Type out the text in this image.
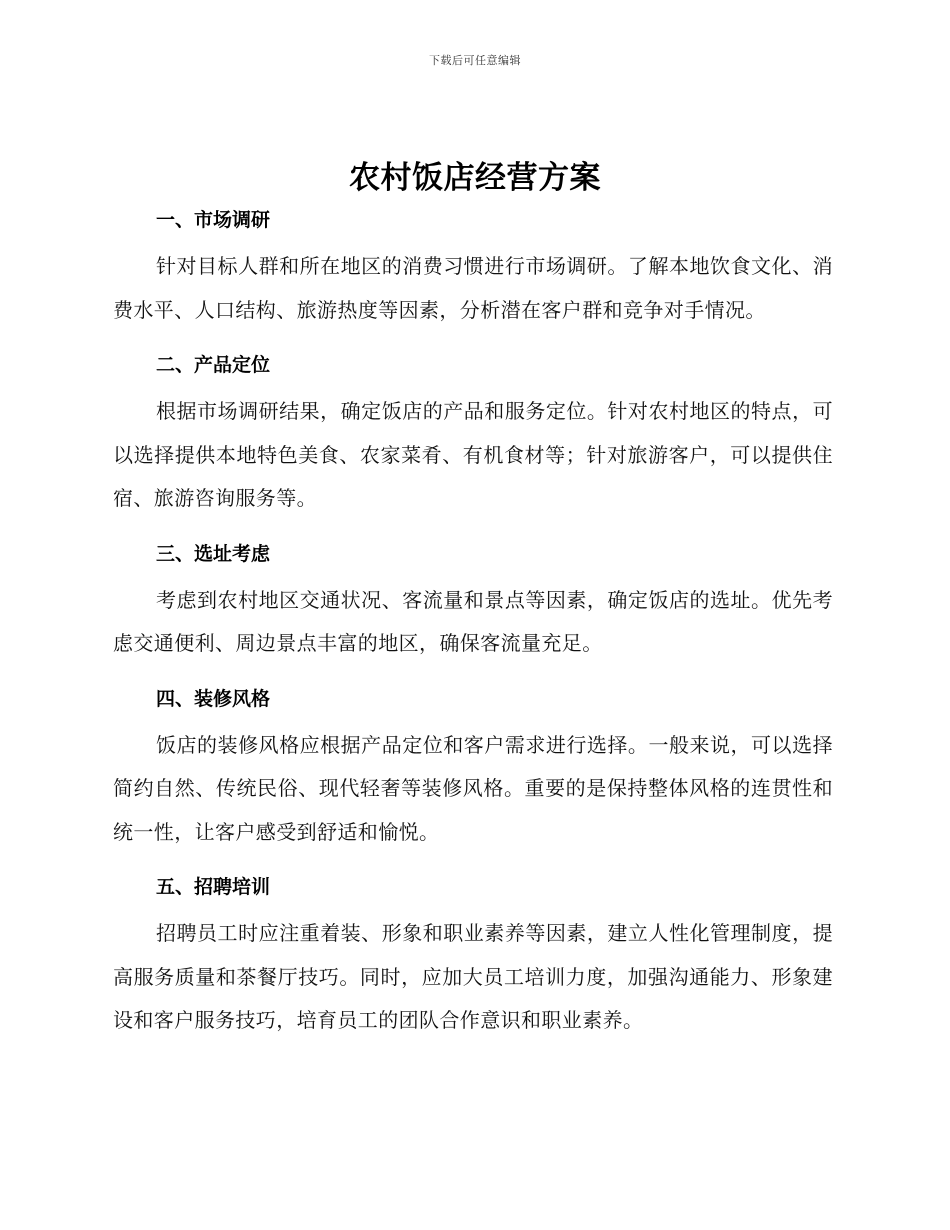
下载后可任意编辑
农村饭店经营方案
一、市场调研

针对目标人群和所在地区的消费习惯进行市场调研。了解本地饮食文化、消费水平、人口结构、旅游热度等因素，分析潜在客户群和竞争对手情况。

二、产品定位

根据市场调研结果，确定饭店的产品和服务定位。针对农村地区的特点，可以选择提供本地特色美食、农家菜肴、有机食材等；针对旅游客户，可以提供住宿、旅游咨询服务等。

三、选址考虑

考虑到农村地区交通状况、客流量和景点等因素，确定饭店的选址。优先考虑交通便利、周边景点丰富的地区，确保客流量充足。

四、装修风格

饭店的装修风格应根据产品定位和客户需求进行选择。一般来说，可以选择简约自然、传统民俗、现代轻奢等装修风格。重要的是保持整体风格的连贯性和统一性，让客户感受到舒适和愉悦。

五、招聘培训

招聘员工时应注重着装、形象和职业素养等因素，建立人性化管理制度，提高服务质量和茶餐厅技巧。同时，应加大员工培训力度，加强沟通能力、形象建设和客户服务技巧，培育员工的团队合作意识和职业素养。
